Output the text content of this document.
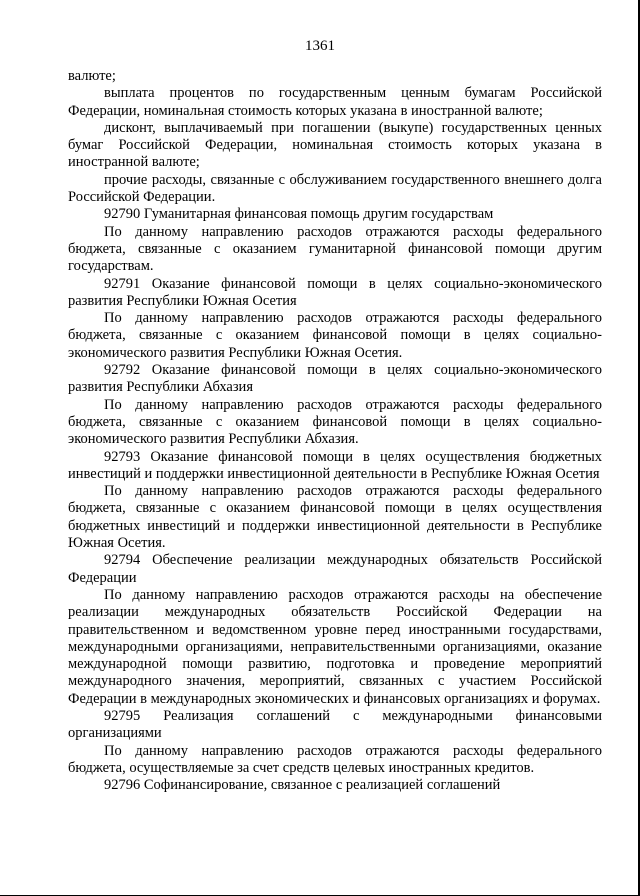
1361

валюте;

выплата процентов по государственным ценным бумагам Российской Федерации, номинальная стоимость которых указана в иностранной валюте;

дисконт, выплачиваемый при погашении (выкупе) государственных ценных бумаг Российской Федерации, номинальная стоимость которых указана в иностранной валюте;

прочие расходы, связанные с обслуживанием государственного внешнего долга Российской Федерации.

92790 Гуманитарная финансовая помощь другим государствам

По данному направлению расходов отражаются расходы федерального бюджета, связанные с оказанием гуманитарной финансовой помощи другим государствам.

92791 Оказание финансовой помощи в целях социально-экономического развития Республики Южная Осетия

По данному направлению расходов отражаются расходы федерального бюджета, связанные с оказанием финансовой помощи в целях социально-экономического развития Республики Южная Осетия.

92792 Оказание финансовой помощи в целях социально-экономического развития Республики Абхазия

По данному направлению расходов отражаются расходы федерального бюджета, связанные с оказанием финансовой помощи в целях социально-экономического развития Республики Абхазия.

92793 Оказание финансовой помощи в целях осуществления бюджетных инвестиций и поддержки инвестиционной деятельности в Республике Южная Осетия

По данному направлению расходов отражаются расходы федерального бюджета, связанные с оказанием финансовой помощи в целях осуществления бюджетных инвестиций и поддержки инвестиционной деятельности в Республике Южная Осетия.

92794 Обеспечение реализации международных обязательств Российской Федерации

По данному направлению расходов отражаются расходы на обеспечение реализации международных обязательств Российской Федерации на правительственном и ведомственном уровне перед иностранными государствами, международными организациями, неправительственными организациями, оказание международной помощи развитию, подготовка и проведение мероприятий международного значения, мероприятий, связанных с участием Российской Федерации в международных экономических и финансовых организациях и форумах.

92795 Реализация соглашений с международными финансовыми организациями

По данному направлению расходов отражаются расходы федерального бюджета, осуществляемые за счет средств целевых иностранных кредитов.

92796 Софинансирование, связанное с реализацией соглашений
